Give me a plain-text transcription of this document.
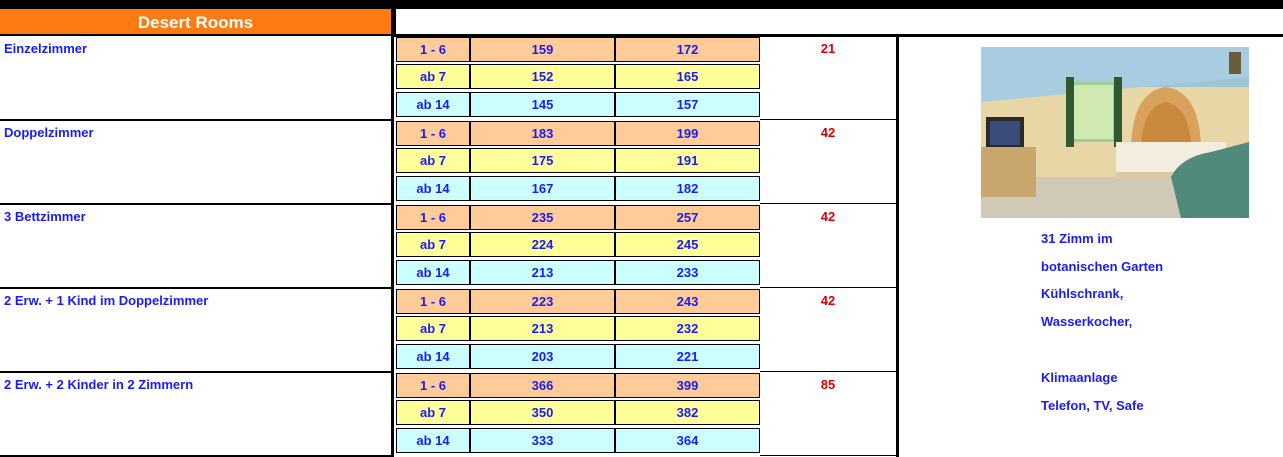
Desert Rooms
Einzelzimmer	1 - 6	159	172
ab 7	152	165
ab 14	145	157
21
Doppelzimmer	1 - 6	183	199
ab 7	175	191
ab 14	167	182
42
3 Bettzimmer	1 - 6	235	257
ab 7	224	245
ab 14	213	233
42
2 Erw. + 1 Kind im Doppelzimmer	1 - 6	223	243
ab 7	213	232
ab 14	203	221
42
2 Erw. + 2 Kinder in 2 Zimmern	1 - 6	366	399
ab 7	350	382
ab 14	333	364
85
31 Zimm im
botanischen Garten
Kühlschrank,
Wasserkocher,
Klimaanlage
Telefon, TV, Safe
